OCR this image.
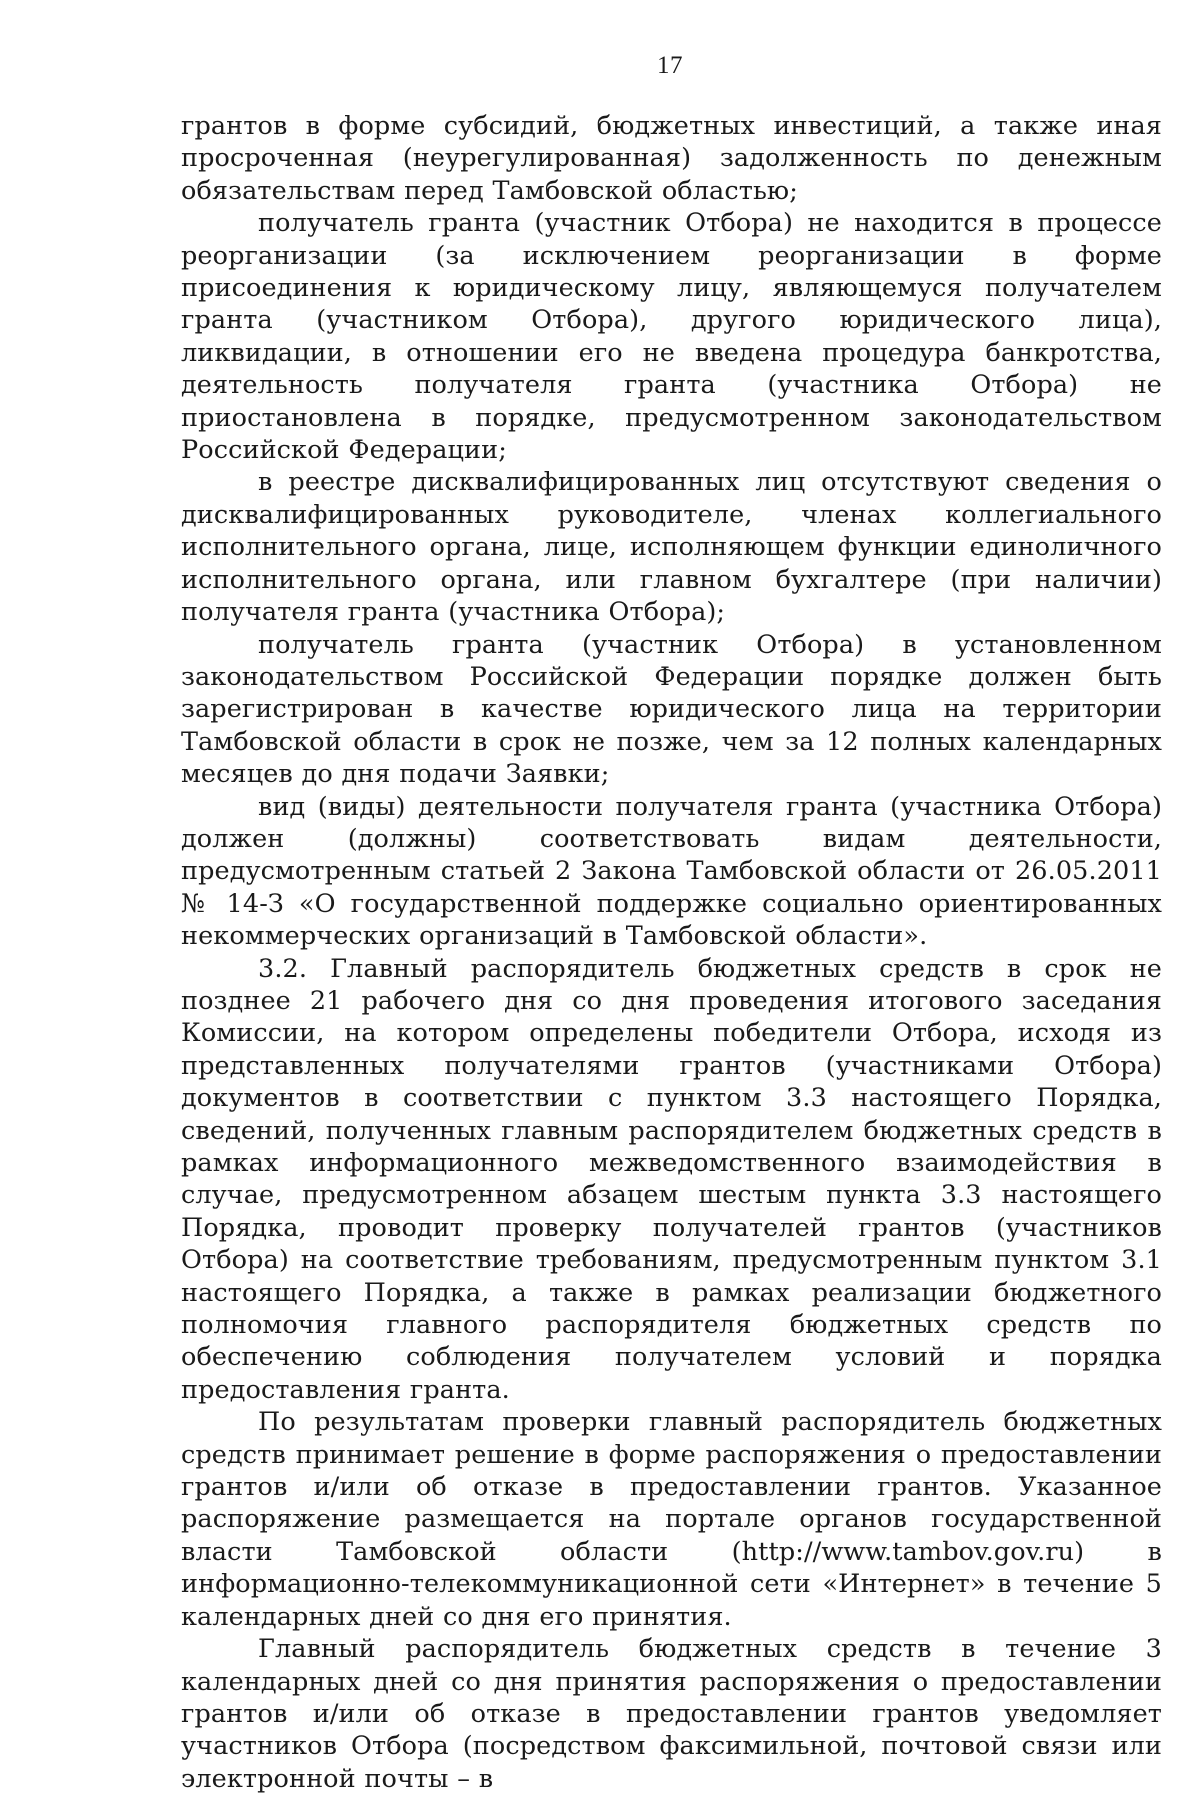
17

грантов в форме субсидий, бюджетных инвестиций, а также иная просроченная (неурегулированная) задолженность по денежным обязательствам перед Тамбовской областью;

получатель гранта (участник Отбора) не находится в процессе реорганизации (за исключением реорганизации в форме присоединения к юридическому лицу, являющемуся получателем гранта (участником Отбора), другого юридического лица), ликвидации, в отношении его не введена процедура банкротства, деятельность получателя гранта (участника Отбора) не приостановлена в порядке, предусмотренном законодательством Российской Федерации;

в реестре дисквалифицированных лиц отсутствуют сведения о дисквалифицированных руководителе, членах коллегиального исполнительного органа, лице, исполняющем функции единоличного исполнительного органа, или главном бухгалтере (при наличии) получателя гранта (участника Отбора);

получатель гранта (участник Отбора) в установленном законодательством Российской Федерации порядке должен быть зарегистрирован в качестве юридического лица на территории Тамбовской области в срок не позже, чем за 12 полных календарных месяцев до дня подачи Заявки;

вид (виды) деятельности получателя гранта (участника Отбора) должен (должны) соответствовать видам деятельности, предусмотренным статьей 2 Закона Тамбовской области от 26.05.2011 № 14-З «О государственной поддержке социально ориентированных некоммерческих организаций в Тамбовской области».

3.2. Главный распорядитель бюджетных средств в срок не позднее 21 рабочего дня со дня проведения итогового заседания Комиссии, на котором определены победители Отбора, исходя из представленных получателями грантов (участниками Отбора) документов в соответствии с пунктом 3.3 настоящего Порядка, сведений, полученных главным распорядителем бюджетных средств в рамках информационного межведомственного взаимодействия в случае, предусмотренном абзацем шестым пункта 3.3 настоящего Порядка, проводит проверку получателей грантов (участников Отбора) на соответствие требованиям, предусмотренным пунктом 3.1 настоящего Порядка, а также в рамках реализации бюджетного полномочия главного распорядителя бюджетных средств по обеспечению соблюдения получателем условий и порядка предоставления гранта.

По результатам проверки главный распорядитель бюджетных средств принимает решение в форме распоряжения о предоставлении грантов и/или об отказе в предоставлении грантов. Указанное распоряжение размещается на портале органов государственной власти Тамбовской области (http://www.tambov.gov.ru) в информационно-телекоммуникационной сети «Интернет» в течение 5 календарных дней со дня его принятия.

Главный распорядитель бюджетных средств в течение 3 календарных дней со дня принятия распоряжения о предоставлении грантов и/или об отказе в предоставлении грантов уведомляет участников Отбора (посредством факсимильной, почтовой связи или электронной почты – в
